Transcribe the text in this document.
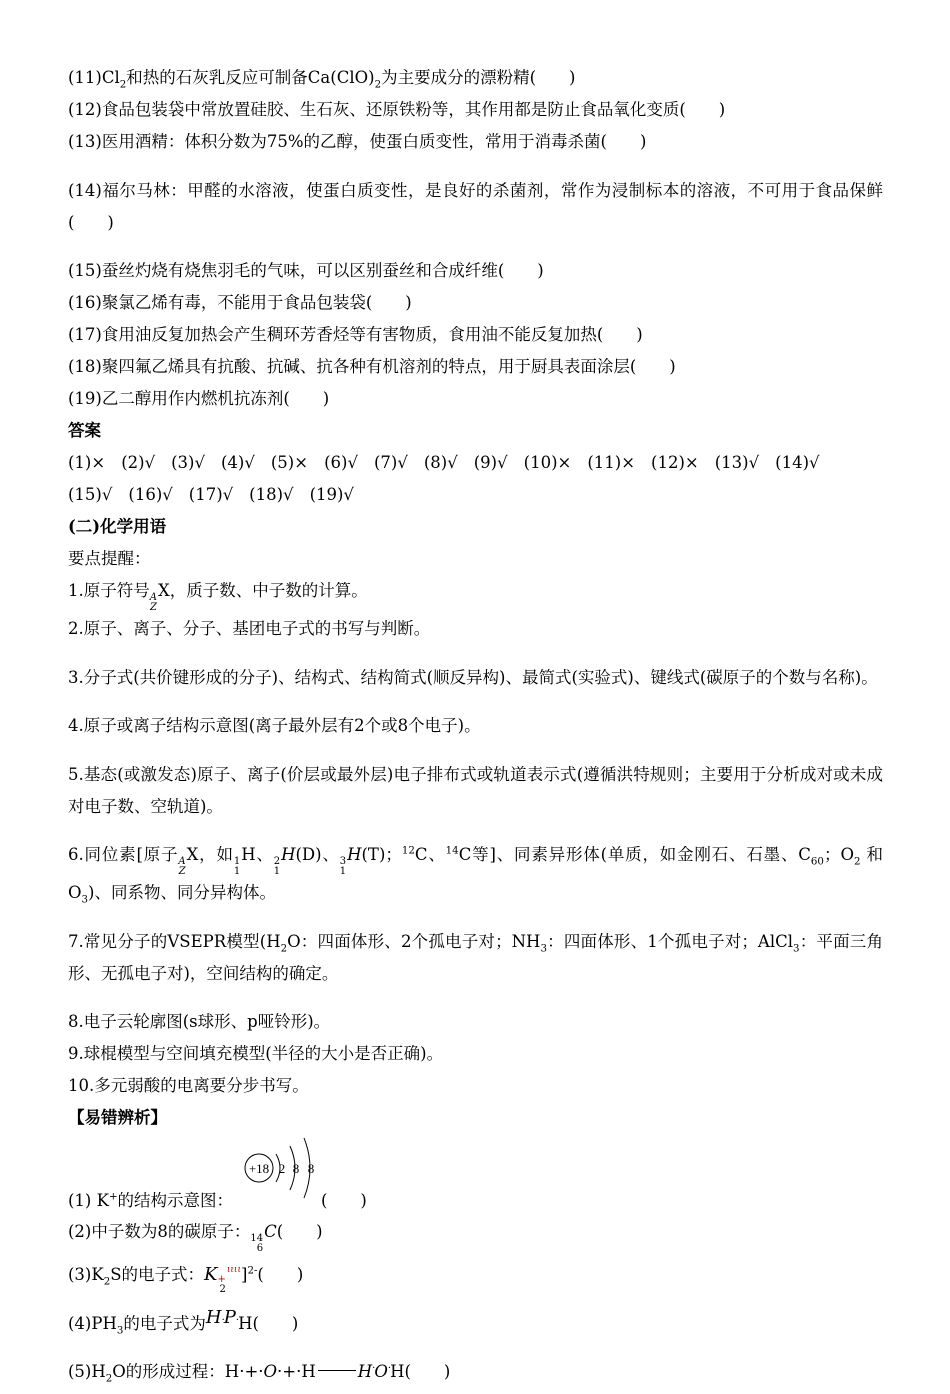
$(11)Cl_2$和热的石灰乳反应可制备$Ca(ClO)_2$为主要成分的漂粉精(　　)

(12)食品包装袋中常放置硅胶、生石灰、还原铁粉等，其作用都是防止食品氧化变质(　　)

(13)医用酒精：体积分数为75%的乙醇，使蛋白质变性，常用于消毒杀菌(　　)

(14)福尔马林：甲醛的水溶液，使蛋白质变性，是良好的杀菌剂，常作为浸制标本的溶液，不可用于食品保鲜(　　)

(15)蚕丝灼烧有烧焦羽毛的气味，可以区别蚕丝和合成纤维(　　)

(16)聚氯乙烯有毒，不能用于食品包装袋(　　)

(17)食用油反复加热会产生稠环芳香烃等有害物质，食用油不能反复加热(　　)

(18)聚四氟乙烯具有抗酸、抗碱、抗各种有机溶剂的特点，用于厨具表面涂层(　　)

(19)乙二醇用作内燃机抗冻剂(　　)

答案(1)× (2)√ (3)√ (4)√ (5)× (6)√ (7)√ (8)√ (9)√ (10)× (11)× (12)× (13)√ (14)√
(15)√ (16)√ (17)√ (18)√ (19)√

(二)化学用语

要点提醒：

1.原子符号 A
Z
X，质子数、中子数的计算。

2.原子、离子、分子、基团电子式的书写与判断。

3.分子式(共价键形成的分子)、结构式、结构简式(顺反异构)、最简式(实验式)、键线式(碳原子的个数与名称)。

4.原子或离子结构示意图(离子最外层有2个或8个电子)。

5.基态(或激发态)原子、离子(价层或最外层)电子排布式或轨道表示式(遵循洪特规则；主要用于分析成对或未成对电子数、空轨道)。

6.同位素[原子 A
Z
X，如 1
1
H、 2
1
H(D)、 3
1
H(T)；$^{12}$C、$^{14}$C等]、同素异形体(单质，如金刚石、石墨、$C_{60}$；$O_2$ 和$O_3$)、同系物、同分异构体。

7.常见分子的VSEPR模型($H_2O$：四面体形、2个孤电子对；$NH_3$：四面体形、1个孤电子对；AlCl$_3$：平面三角形、无孤电子对)，空间结构的确定。

8.电子云轮廓图(s球形、p哑铃形)。

9.球棍模型与空间填充模型(半径的大小是否正确)。

10.多元弱酸的电离要分步书写。

【易错辨析】

(1) K+的结构示意图：
+18 2 8 8
(　　)

(2)中子数为8的碳原子： 14
6
C(　　)

$(3)K_2S$的电子式：K +
2
$^{\iota\iota\iota\iota}$]$^{2-}$(　　)

$(4)PH_3$的电子式为H·P·H(　　)

$(5)H_2O$的形成过程：H·+·O·+·H	H·O·H(　　)
